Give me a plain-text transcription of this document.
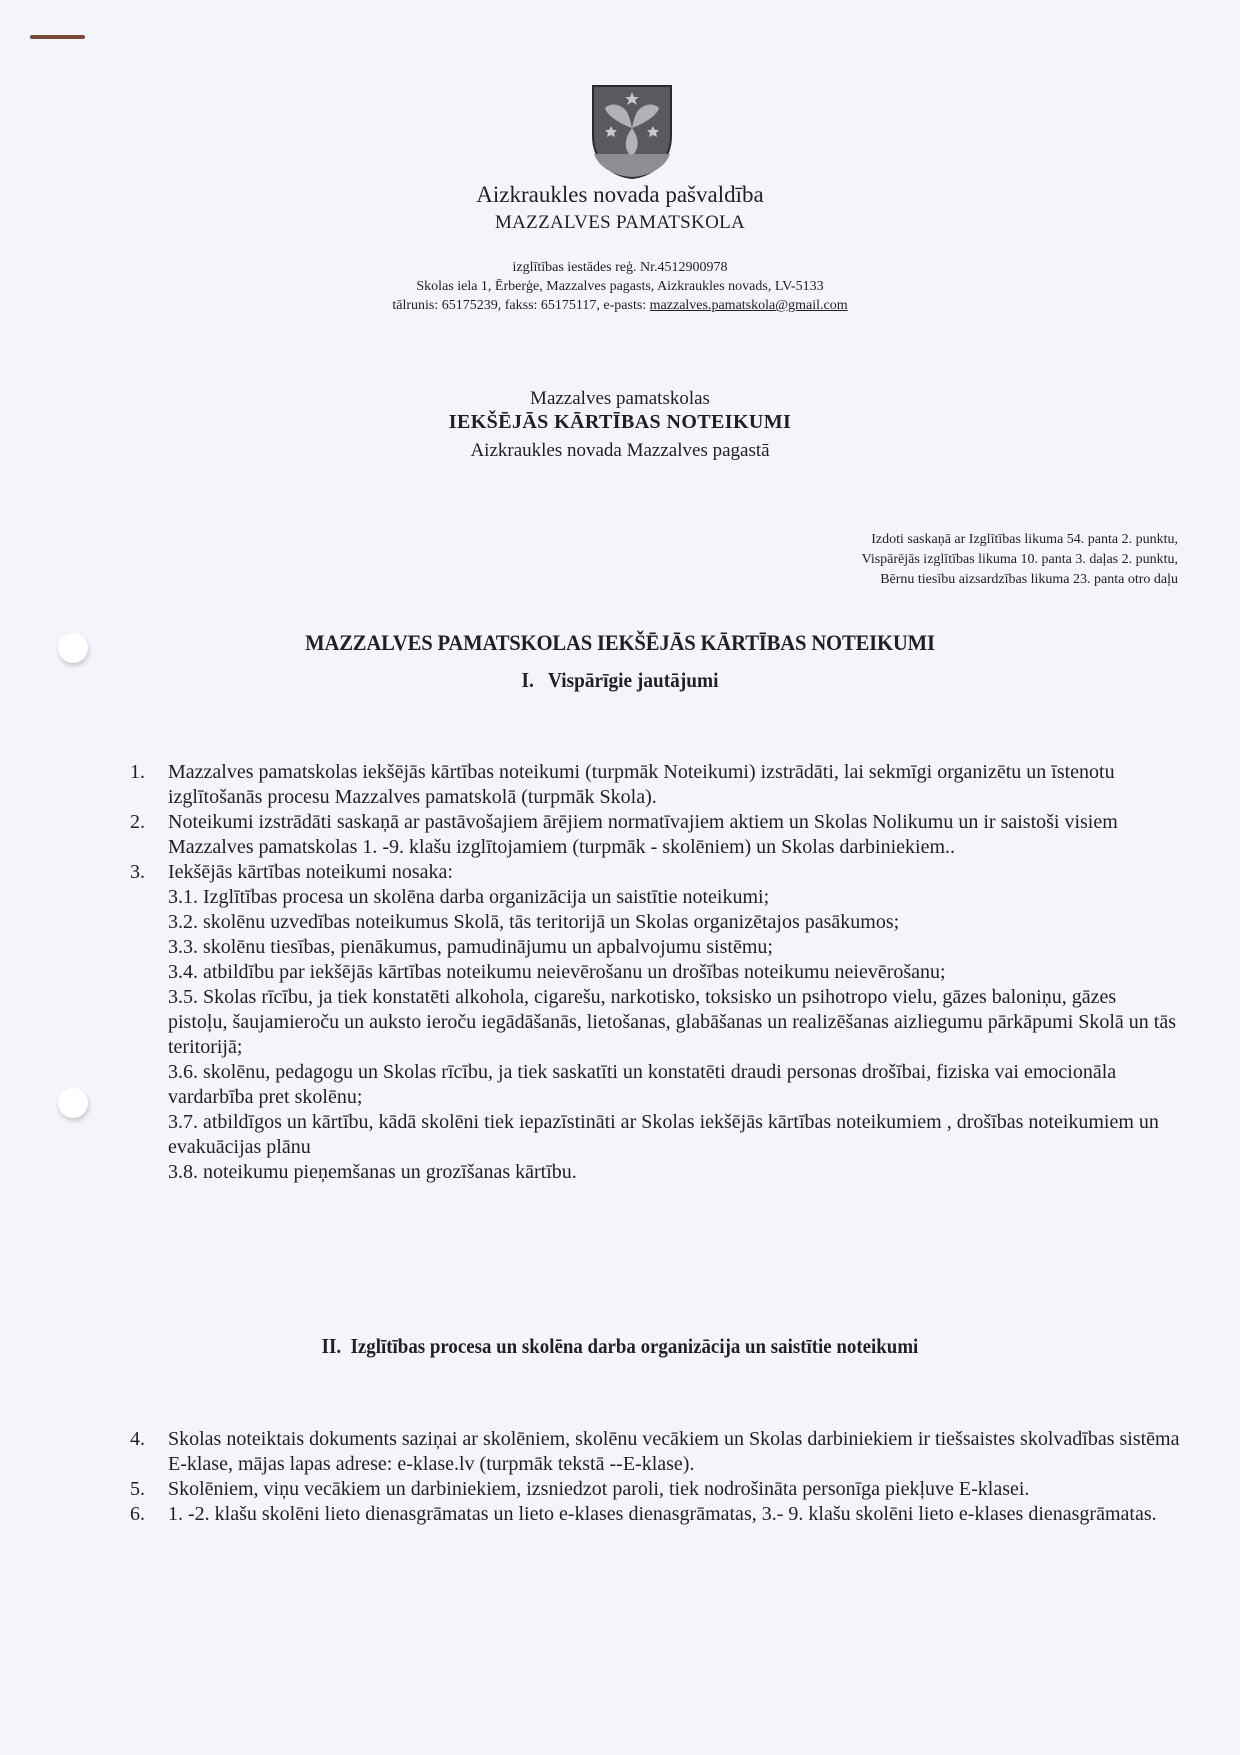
Aizkraukles novada pašvaldība
MAZZALVES PAMATSKOLA
izglītības iestādes reģ. Nr.4512900978
Skolas iela 1, Ērberģe, Mazzalves pagasts, Aizkraukles novads, LV-5133
tālrunis: 65175239, fakss: 65175117, e-pasts: mazzalves.pamatskola@gmail.com
Mazzalves pamatskolas
IEKŠĒJĀS KĀRTĪBAS NOTEIKUMI
Aizkraukles novada Mazzalves pagastā
Izdoti saskaņā ar Izglītības likuma 54. panta 2. punktu,
Vispārējās izglītības likuma 10. panta 3. daļas 2. punktu,
Bērnu tiesību aizsardzības likuma 23. panta otro daļu
MAZZALVES PAMATSKOLAS IEKŠĒJĀS KĀRTĪBAS NOTEIKUMI
I.   Vispārīgie jautājumi
1. Mazzalves pamatskolas iekšējās kārtības noteikumi (turpmāk Noteikumi) izstrādāti, lai sekmīgi organizētu un īstenotu izglītošanās procesu Mazzalves pamatskolā (turpmāk Skola).
2. Noteikumi izstrādāti saskaņā ar pastāvošajiem ārējiem normatīvajiem aktiem un Skolas Nolikumu un ir saistoši visiem Mazzalves pamatskolas 1. -9. klašu izglītojamiem (turpmāk - skolēniem) un Skolas darbiniekiem..
3. Iekšējās kārtības noteikumi nosaka:
3.1. Izglītības procesa un skolēna darba organizācija un saistītie noteikumi;
3.2. skolēnu uzvedības noteikumus Skolā, tās teritorijā un Skolas organizētajos pasākumos;
3.3. skolēnu tiesības, pienākumus, pamudinājumu un apbalvojumu sistēmu;
3.4. atbildību par iekšējās kārtības noteikumu neievērošanu un drošības noteikumu neievērošanu;
3.5. Skolas rīcību, ja tiek konstatēti alkohola, cigarešu, narkotisko, toksisko un psihotropo vielu, gāzes baloniņu, gāzes pistoļu, šaujamieroču un auksto ieroču iegādāšanās, lietošanas, glabāšanas un realizēšanas aizliegumu pārkāpumi Skolā un tās teritorijā;
3.6. skolēnu, pedagogu un Skolas rīcību, ja tiek saskatīti un konstatēti draudi personas drošībai, fiziska vai emocionāla vardarbība pret skolēnu;
3.7. atbildīgos un kārtību, kādā skolēni tiek iepazīstināti ar Skolas iekšējās kārtības noteikumiem , drošības noteikumiem un evakuācijas plānu
3.8. noteikumu pieņemšanas un grozīšanas kārtību.
II.  Izglītības procesa un skolēna darba organizācija un saistītie noteikumi
4. Skolas noteiktais dokuments saziņai ar skolēniem, skolēnu vecākiem un Skolas darbiniekiem ir tiešsaistes skolvadības sistēma E-klase, mājas lapas adrese: e-klase.lv (turpmāk tekstā --E-klase).
5. Skolēniem, viņu vecākiem un darbiniekiem, izsniedzot paroli, tiek nodrošināta personīga piekļuve E-klasei.
6. 1. -2. klašu skolēni lieto dienasgrāmatas un lieto e-klases dienasgrāmatas, 3.- 9. klašu skolēni lieto e-klases dienasgrāmatas.
